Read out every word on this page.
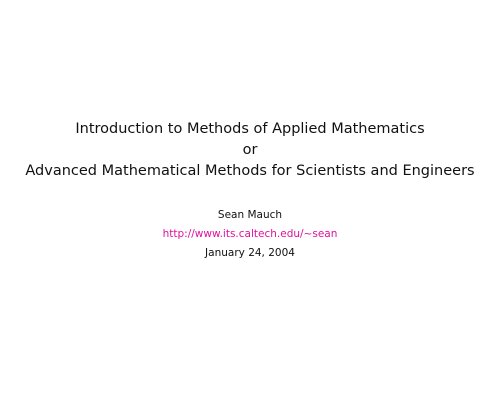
Introduction to Methods of Applied Mathematics
or
Advanced Mathematical Methods for Scientists and Engineers
Sean Mauch
http://www.its.caltech.edu/~sean
January 24, 2004
